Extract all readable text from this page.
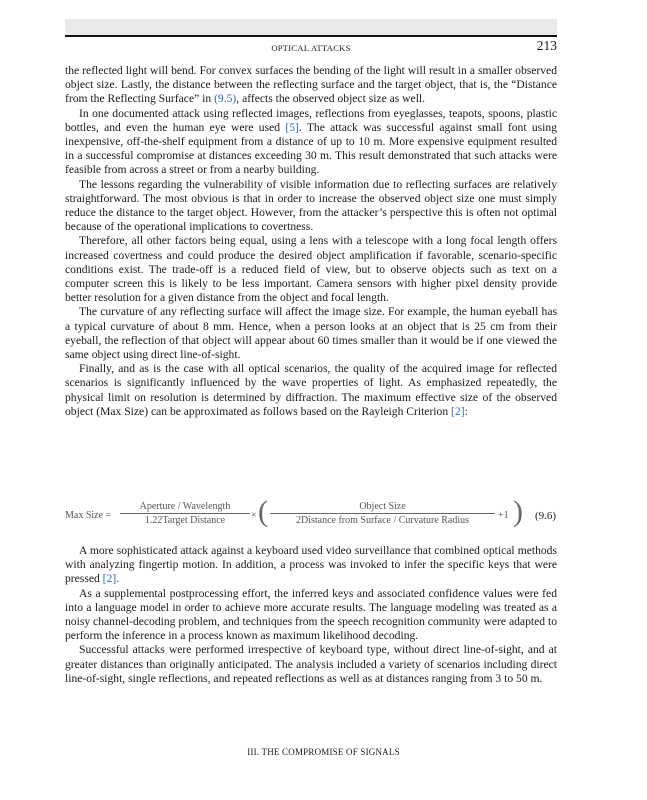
OPTICAL ATTACKS	213

the reflected light will bend. For convex surfaces the bending of the light will result in a smaller observed object size. Lastly, the distance between the reflecting surface and the target object, that is, the “Distance from the Reflecting Surface” in (9.5), affects the observed object size as well.

In one documented attack using reflected images, reflections from eyeglasses, teapots, spoons, plastic bottles, and even the human eye were used [5]. The attack was successful against small font using inexpensive, off-the-shelf equipment from a distance of up to 10 m. More expensive equipment resulted in a successful compromise at distances exceeding 30 m. This result demonstrated that such attacks were feasible from across a street or from a nearby building.

The lessons regarding the vulnerability of visible information due to reflecting surfaces are relatively straightforward. The most obvious is that in order to increase the observed object size one must simply reduce the distance to the target object. However, from the attacker’s perspective this is often not optimal because of the operational implications to covertness.

Therefore, all other factors being equal, using a lens with a telescope with a long focal length offers increased covertness and could produce the desired object amplification if favorable, scenario-specific conditions exist. The trade-off is a reduced field of view, but to observe objects such as text on a computer screen this is likely to be less important. Camera sensors with higher pixel density provide better resolution for a given distance from the object and focal length.

The curvature of any reflecting surface will affect the image size. For example, the human eyeball has a typical curvature of about 8 mm. Hence, when a person looks at an object that is 25 cm from their eyeball, the reflection of that object will appear about 60 times smaller than it would be if one viewed the same object using direct line-of-sight.

Finally, and as is the case with all optical scenarios, the quality of the acquired image for reflected scenarios is significantly influenced by the wave properties of light. As emphasized repeatedly, the physical limit on resolution is determined by diffraction. The maximum effective size of the observed object (Max Size) can be approximated as follows based on the Rayleigh Criterion [2]:

Max Size =
Aperture / Wavelength
1.22Target Distance	× (	Object Size
2Distance from Surface / Curvature Radius	+1 ) (9.6)

A more sophisticated attack against a keyboard used video surveillance that combined optical methods with analyzing fingertip motion. In addition, a process was invoked to infer the specific keys that were pressed [2].

As a supplemental postprocessing effort, the inferred keys and associated confidence values were fed into a language model in order to achieve more accurate results. The language modeling was treated as a noisy channel-decoding problem, and techniques from the speech recognition community were adapted to perform the inference in a process known as maximum likelihood decoding.

Successful attacks were performed irrespective of keyboard type, without direct line-of-sight, and at greater distances than originally anticipated. The analysis included a variety of scenarios including direct line-of-sight, single reflections, and repeated reflections as well as at distances ranging from 3 to 50 m.

III. THE COMPROMISE OF SIGNALS
